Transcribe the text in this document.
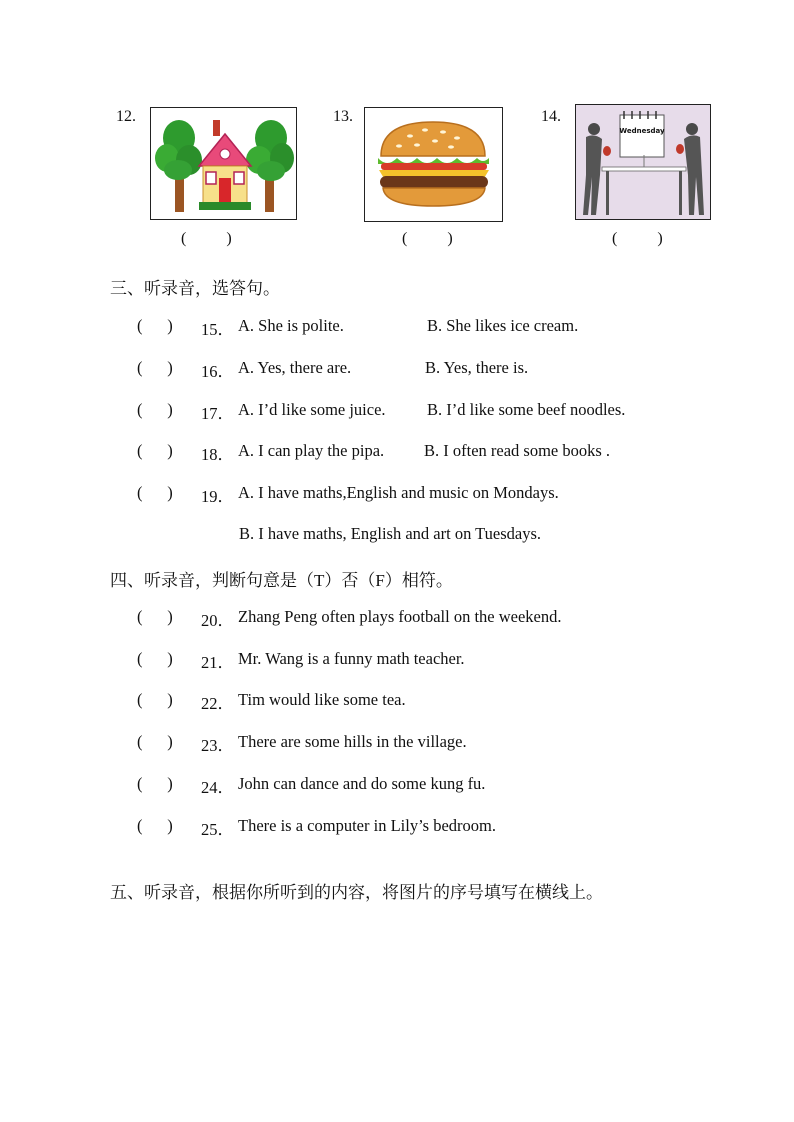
12.
(          )
13.
(          )
14.
Wednesday
(          )
三、听录音，选答句。
(      ) 15． A. She is polite.	B. She likes ice cream.
(      ) 16． A. Yes, there are.	B. Yes, there is.
(      ) 17． A. I’d like some juice.	B. I’d like some beef noodles.
(      ) 18． A. I can play the pipa. B. I often read some books .
(      ) 19． A. I have maths,English and music on Mondays.
B. I have maths, English and art on Tuesdays.
四、听录音，判断句意是（T）否（F）相符。
(      ) 20． Zhang Peng often plays football on the weekend.
(      ) 21． Mr. Wang is a funny math teacher.
(      ) 22． Tim would like some tea.
(      ) 23． There are some hills in the village.
(      ) 24． John can dance and do some kung fu.
(      ) 25． There is a computer in Lily’s bedroom.
五、听录音，根据你所听到的内容，将图片的序号填写在横线上。
